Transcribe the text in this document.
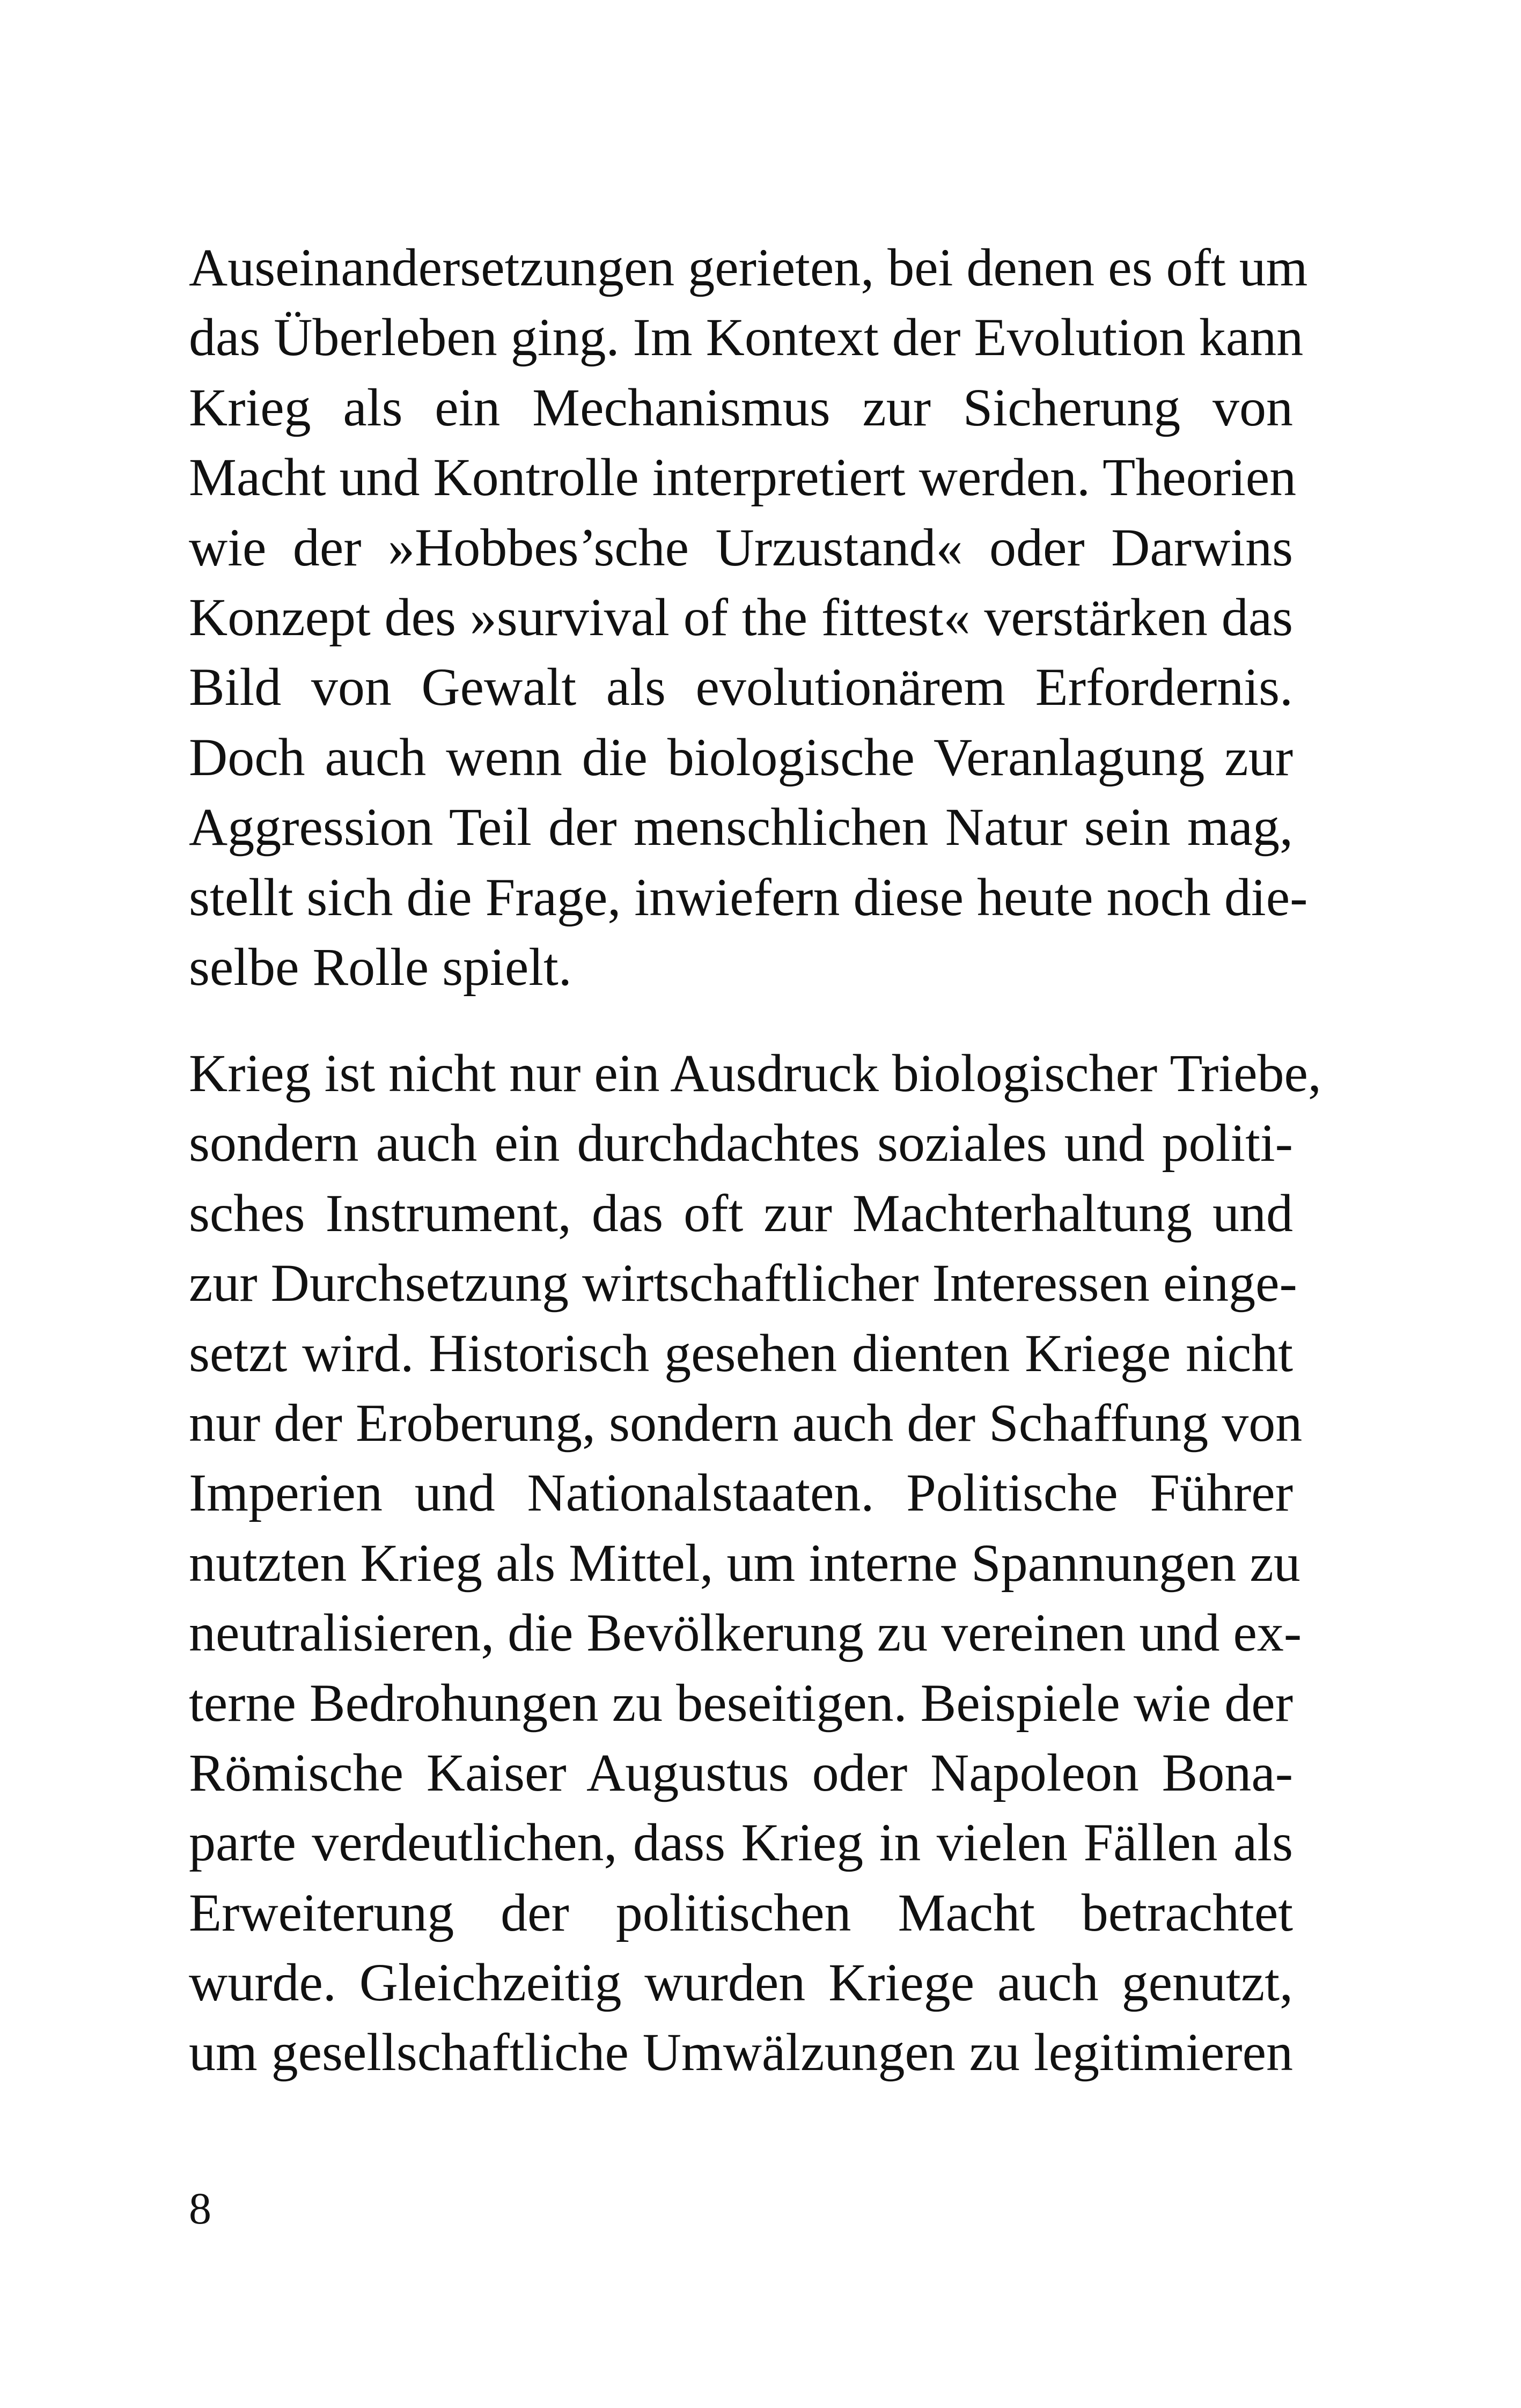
Auseinandersetzungen gerieten, bei denen es oft um
das Überleben ging. Im Kontext der Evolution kann
Krieg als ein Mechanismus zur Sicherung von
Macht und Kontrolle interpretiert werden. Theorien
wie der »Hobbes’sche Urzustand« oder Darwins
Konzept des »survival of the fittest« verstärken das
Bild von Gewalt als evolutionärem Erfordernis.
Doch auch wenn die biologische Veranlagung zur
Aggression Teil der menschlichen Natur sein mag,
stellt sich die Frage, inwiefern diese heute noch die-
selbe Rolle spielt.
Krieg ist nicht nur ein Ausdruck biologischer Triebe,
sondern auch ein durchdachtes soziales und politi-
sches Instrument, das oft zur Machterhaltung und
zur Durchsetzung wirtschaftlicher Interessen einge-
setzt wird. Historisch gesehen dienten Kriege nicht
nur der Eroberung, sondern auch der Schaffung von
Imperien und Nationalstaaten. Politische Führer
nutzten Krieg als Mittel, um interne Spannungen zu
neutralisieren, die Bevölkerung zu vereinen und ex-
terne Bedrohungen zu beseitigen. Beispiele wie der
Römische Kaiser Augustus oder Napoleon Bona-
parte verdeutlichen, dass Krieg in vielen Fällen als
Erweiterung der politischen Macht betrachtet
wurde. Gleichzeitig wurden Kriege auch genutzt,
um gesellschaftliche Umwälzungen zu legitimieren
8
